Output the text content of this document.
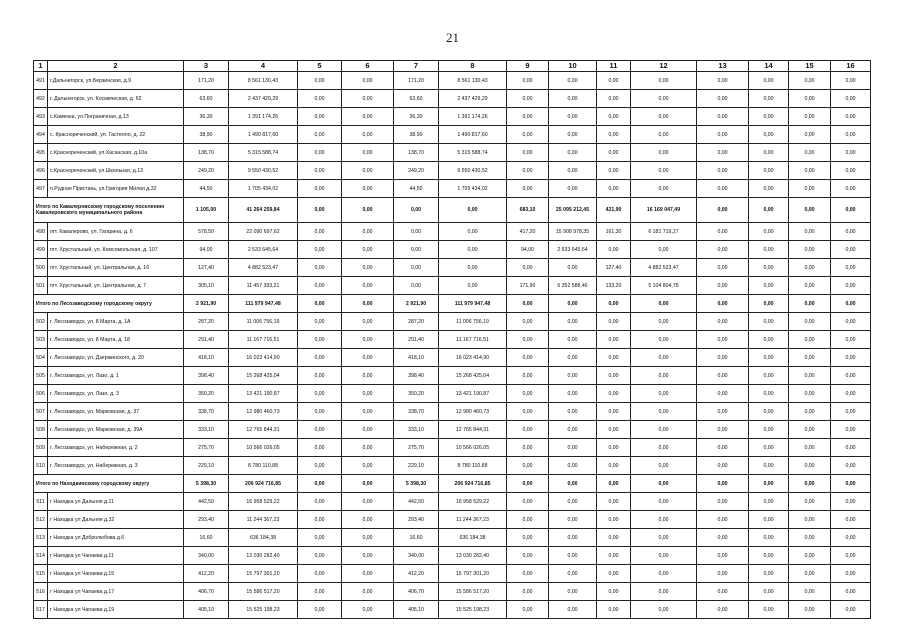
21
1	2	3	4	5	6	7	8	9	10	11	12	13	14	15	16
491	г.Дальнегорск, ул.Берзинская, д.9	171,20	8 561 130,43	0,00	0,00	171,20	8 561 130,43	0,00	0,00	0,00	0,00	0,00	0,00	0,00	0,00
492	г. Дальнегорск, ул. Космическая, д. 62	63,60	2 437 429,29	0,00	0,00	63,60	2 437 429,29	0,00	0,00	0,00	0,00	0,00	0,00	0,00	0,00
493	с.Каменка, ул.Пограничная, д.13	36,30	1 391 174,26	0,00	0,00	36,30	1 391 174,26	0,00	0,00	0,00	0,00	0,00	0,00	0,00	0,00
494	с. Краснореченский, ул. Гастелло, д. 22	38,90	1 490 817,60	0,00	0,00	38,90	1 490 817,60	0,00	0,00	0,00	0,00	0,00	0,00	0,00	0,00
495	с.Краснореченский, ул.Хасанская, д.10а	138,70	5 315 588,74	0,00	0,00	138,70	5 315 588,74	0,00	0,00	0,00	0,00	0,00	0,00	0,00	0,00
496	с.Краснореченский, ул.Школьная, д.13	249,20	9 550 430,52	0,00	0,00	249,20	9 550 430,52	0,00	0,00	0,00	0,00	0,00	0,00	0,00	0,00
497	п.Рудная Пристань, ул.Григория Милая д.32	44,50	1 705 434,02	0,00	0,00	44,50	1 705 434,02	0,00	0,00	0,00	0,00	0,00	0,00	0,00	0,00
Итого по Кавалеровскому городскому поселению Кавалеровского муниципального района		1 105,00	41 264 259,84	0,00	0,00	0,00	0,00	683,10	25 095 212,45	421,90	16 169 047,49	0,00	0,00	0,00	0,00
498	пгт. Кавалерово, ул. Гагарина, д. 6	578,50	22 090 697,62	0,00	0,00	0,00	0,00	417,20	15 908 978,35	161,30	6 181 719,27	0,00	0,00	0,00	0,00
499	пгт. Хрустальный, ул. Комсомольская, д. 107	94,00	2 533 645,64	0,00	0,00	0,00	0,00	94,00	2 533 645,64	0,00	0,00	0,00	0,00	0,00	0,00
500	пгт. Хрустальный, ул. Центральная, д. 16	127,40	4 882 523,47	0,00	0,00	0,00	0,00	0,00	0,00	127,40	4 882 523,47	0,00	0,00	0,00	0,00
501	пгт. Хрустальный, ул. Центральная, д. 7	305,10	11 457 393,21	0,00	0,00	0,00	0,00	171,90	6 352 588,46	133,20	5 104 804,75	0,00	0,00	0,00	0,00
Итого по Лесозаводскому городскому округу		2 921,90	111 979 947,48	0,00	0,00	2 921,90	111 979 947,48	0,00	0,00	0,00	0,00	0,00	0,00	0,00	0,00
502	г. Лесозаводск, ул. 8 Марта, д. 1А	287,20	11 006 756,19	0,00	0,00	287,20	11 006 756,19	0,00	0,00	0,00	0,00	0,00	0,00	0,00	0,00
503	г. Лесозаводск, ул. 8 Марта, д. 18	291,40	11 167 716,51	0,00	0,00	291,40	11 167 716,51	0,00	0,00	0,00	0,00	0,00	0,00	0,00	0,00
504	г. Лесозаводск, ул. Дзержинского, д. 20	418,10	16 023 414,90	0,00	0,00	418,10	16 023 414,90	0,00	0,00	0,00	0,00	0,00	0,00	0,00	0,00
505	г. Лесозаводск, ул. Лазо, д. 1	398,40	15 268 425,04	0,00	0,00	398,40	15 268 425,04	0,00	0,00	0,00	0,00	0,00	0,00	0,00	0,00
506	г. Лесозаводск, ул. Лазо, д. 3	350,20	13 421 190,87	0,00	0,00	350,20	13 421 190,87	0,00	0,00	0,00	0,00	0,00	0,00	0,00	0,00
507	г. Лесозаводск, ул. Марковская, д. 37	338,70	12 980 460,73	0,00	0,00	338,70	12 980 460,73	0,00	0,00	0,00	0,00	0,00	0,00	0,00	0,00
508	г. Лесозаводск, ул. Марковская, д. 39А	333,10	12 765 844,31	0,00	0,00	333,10	12 765 844,31	0,00	0,00	0,00	0,00	0,00	0,00	0,00	0,00
509	г. Лесозаводск, ул. Набережная, д. 2	275,70	10 566 026,05	0,00	0,00	275,70	10 566 026,05	0,00	0,00	0,00	0,00	0,00	0,00	0,00	0,00
510	г. Лесозаводск, ул. Набережная, д. 3	229,10	8 780 110,88	0,00	0,00	229,10	8 780 110,88	0,00	0,00	0,00	0,00	0,00	0,00	0,00	0,00
Итого по Находкинскому городскому округу		5 398,30	206 924 716,85	0,00	0,00	5 398,30	206 924 716,85	0,00	0,00	0,00	0,00	0,00	0,00	0,00	0,00
511	г Находка ул Дальняя д.11	442,50	16 958 529,22	0,00	0,00	442,50	16 958 529,22	0,00	0,00	0,00	0,00	0,00	0,00	0,00	0,00
512	г Находка ул Дальняя д.32	293,40	11 244 367,23	0,00	0,00	293,40	11 244 367,23	0,00	0,00	0,00	0,00	0,00	0,00	0,00	0,00
513	г Находка ул Добролюбова д.6	16,60	636 184,38	0,00	0,00	16,60	636 184,38	0,00	0,00	0,00	0,00	0,00	0,00	0,00	0,00
514	г Находка ул Чапаева д.11	340,00	13 030 282,40	0,00	0,00	340,00	13 030 282,40	0,00	0,00	0,00	0,00	0,00	0,00	0,00	0,00
515	г Находка ул Чапаева д.15	412,20	15 797 301,20	0,00	0,00	412,20	15 797 301,20	0,00	0,00	0,00	0,00	0,00	0,00	0,00	0,00
516	г Находка ул Чапаева д.17	406,70	15 586 517,20	0,00	0,00	406,70	15 586 517,20	0,00	0,00	0,00	0,00	0,00	0,00	0,00	0,00
517	г Находка ул Чапаева д.19	405,10	15 525 198,23	0,00	0,00	405,10	15 525 198,23	0,00	0,00	0,00	0,00	0,00	0,00	0,00	0,00
